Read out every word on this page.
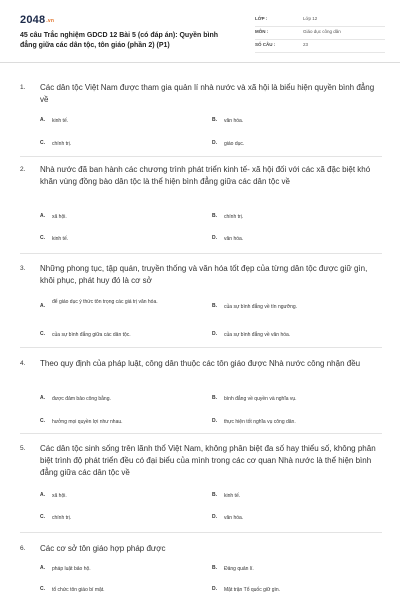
$2048^{.vn}$
45 câu Trắc nghiệm GDCD 12 Bài 5 (có đáp án): Quyền bình đẳng giữa các dân tộc, tôn giáo (phần 2) (P1)
LỚP :	Lớp 12
MÔN :	Giáo dục công dân
SỐ CÂU :	23
1. Các dân tộc Việt Nam được tham gia quản lí nhà nước và xã hội là biểu hiện quyền bình đẳng về
A. kinh tế.	B. văn hóa.
C. chính trị.	D. giáo dục.
2. Nhà nước đã ban hành các chương trình phát triển kinh tế- xã hội đối với các xã đặc biệt khó khăn vùng đồng bào dân tộc là thể hiện bình đẳng giữa các dân tộc về
A. xã hội.	B. chính trị.
C. kinh tế.	D. văn hóa.
3. Những phong tục, tập quán, truyền thống và văn hóa tốt đẹp của từng dân tộc được giữ gìn, khôi phục, phát huy đó là cơ sở
A.
để giáo dục ý thức tôn trọng các giá trị văn hóa.
B. của sự bình đẳng về tín ngưỡng.
C. của sự bình đẳng giữa các dân tộc.	D. của sự bình đẳng về văn hóa.
4. Theo quy định của pháp luật, công dân thuộc các tôn giáo được Nhà nước công nhận đều
A. được đảm bảo công bằng.	B. bình đẳng về quyền và nghĩa vụ.
C. hưởng mọi quyền lợi như nhau.	D. thực hiện tốt nghĩa vụ công dân.
5. Các dân tộc sinh sống trên lãnh thổ Việt Nam, không phân biệt đa số hay thiểu số, không phân biệt trình độ phát triển đều có đại biểu của mình trong các cơ quan Nhà nước là thể hiện bình đẳng giữa các dân tộc về
A. xã hội.	B. kinh tế.
C. chính trị.	D. văn hóa.
6. Các cơ sở tôn giáo hợp pháp được
A. pháp luật bảo hộ.	B. Đảng quản lí.
C. tổ chức tôn giáo bí mật.	D. Mặt trận Tổ quốc giữ gìn.
